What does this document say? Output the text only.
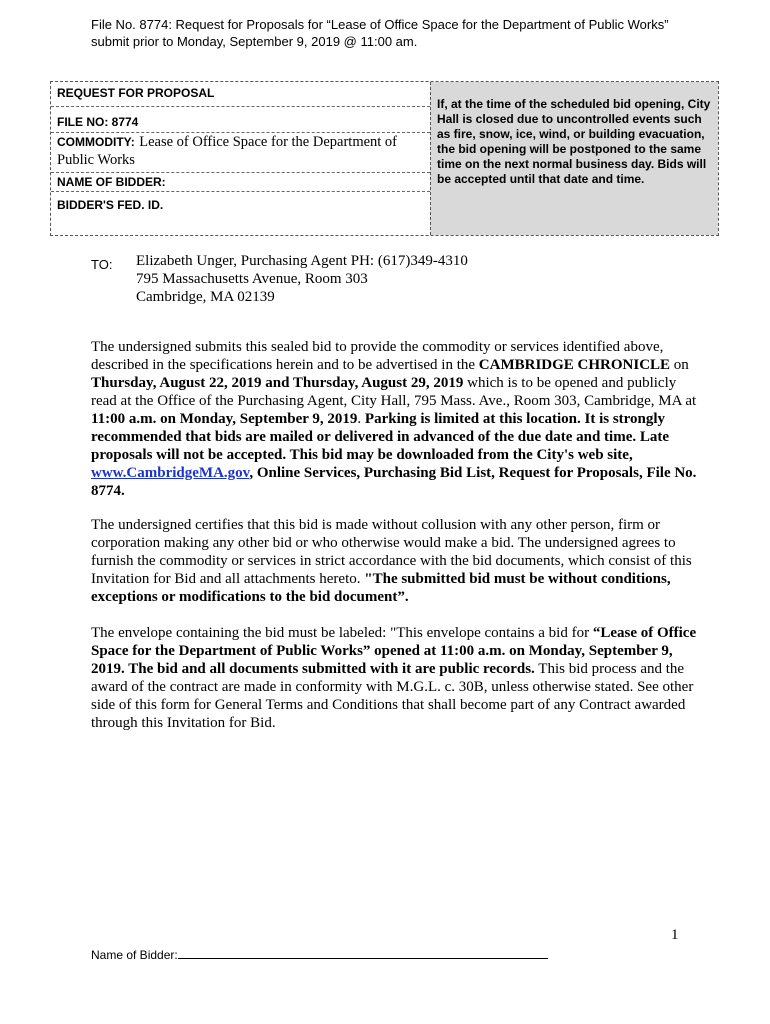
File No. 8774: Request for Proposals for “Lease of Office Space for the Department of Public Works”
submit prior to Monday, September 9, 2019 @ 11:00 am.
REQUEST FOR PROPOSAL
FILE NO: 8774
COMMODITY: Lease of Office Space for the Department of Public Works
NAME OF BIDDER:
BIDDER'S FED. ID.
If, at the time of the scheduled bid opening, City Hall is closed due to uncontrolled events such as fire, snow, ice, wind, or building evacuation, the bid opening will be postponed to the same time on the next normal business day. Bids will be accepted until that date and time.
TO: Elizabeth Unger, Purchasing Agent PH: (617)349-4310
795 Massachusetts Avenue, Room 303
Cambridge, MA 02139
The undersigned submits this sealed bid to provide the commodity or services identified above, described in the specifications herein and to be advertised in the CAMBRIDGE CHRONICLE on Thursday, August 22, 2019 and Thursday, August 29, 2019 which is to be opened and publicly read at the Office of the Purchasing Agent, City Hall, 795 Mass. Ave., Room 303, Cambridge, MA at 11:00 a.m. on Monday, September 9, 2019. Parking is limited at this location. It is strongly recommended that bids are mailed or delivered in advanced of the due date and time. Late proposals will not be accepted. This bid may be downloaded from the City's web site, www.CambridgeMA.gov, Online Services, Purchasing Bid List, Request for Proposals, File No. 8774.
The undersigned certifies that this bid is made without collusion with any other person, firm or corporation making any other bid or who otherwise would make a bid. The undersigned agrees to furnish the commodity or services in strict accordance with the bid documents, which consist of this Invitation for Bid and all attachments hereto. "The submitted bid must be without conditions, exceptions or modifications to the bid document”.
The envelope containing the bid must be labeled: "This envelope contains a bid for “Lease of Office Space for the Department of Public Works” opened at 11:00 a.m. on Monday, September 9, 2019. The bid and all documents submitted with it are public records. This bid process and the award of the contract are made in conformity with M.G.L. c. 30B, unless otherwise stated. See other side of this form for General Terms and Conditions that shall become part of any Contract awarded through this Invitation for Bid.
1
Name of Bidder:
